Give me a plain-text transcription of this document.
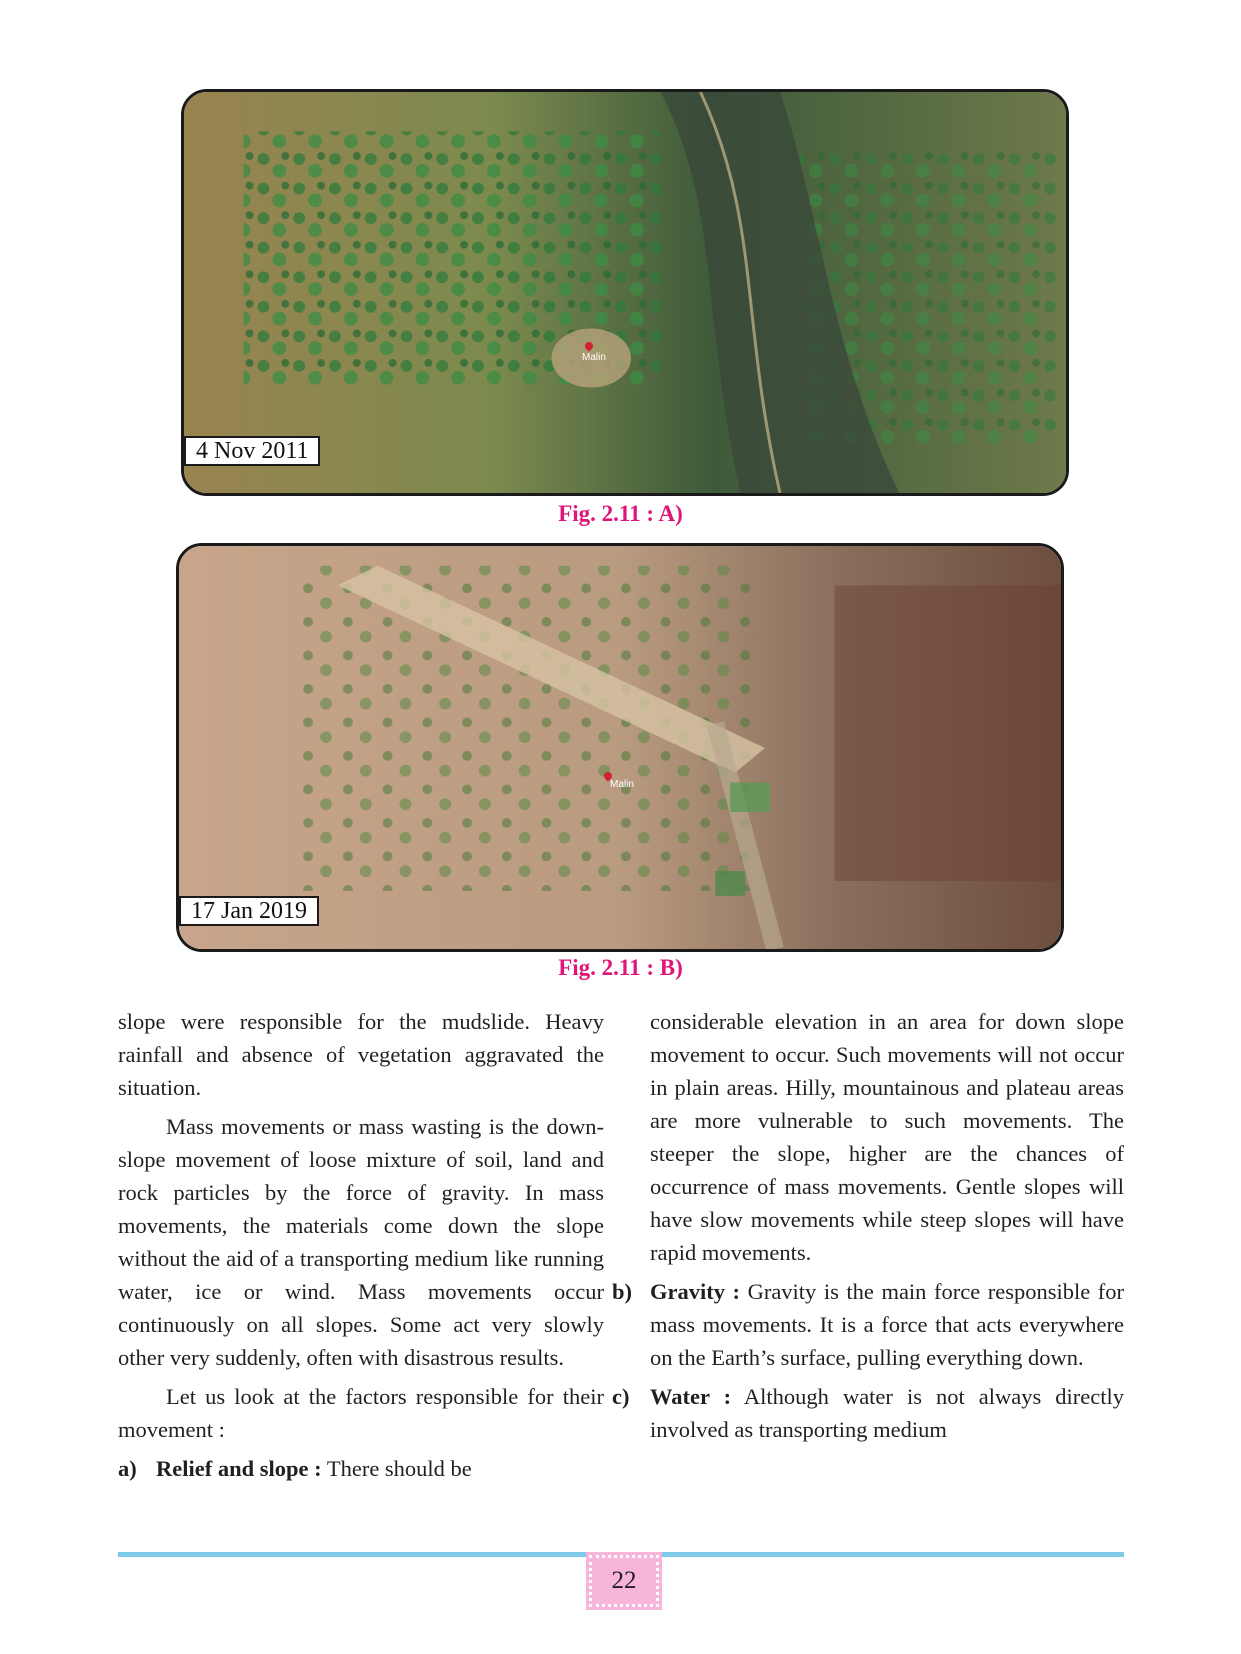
Malin
4 Nov 2011
Fig. 2.11 : A)
Malin
17 Jan 2019
Fig. 2.11 : B)

slope were responsible for the mudslide. Heavy rainfall and absence of vegetation aggravated the situation.

Mass movements or mass wasting is the down-slope movement of loose mixture of soil, land and rock particles by the force of gravity. In mass movements, the materials come down the slope without the aid of a transporting medium like running water, ice or wind. Mass movements occur continuously on all slopes. Some act very slowly other very suddenly, often with disastrous results.

Let us look at the factors responsible for their movement :

a) Relief and slope : There should be

considerable elevation in an area for down slope movement to occur. Such movements will not occur in plain areas. Hilly, mountainous and plateau areas are more vulnerable to such movements. The steeper the slope, higher are the chances of occurrence of mass movements. Gentle slopes will have slow movements while steep slopes will have rapid movements.

b) Gravity : Gravity is the main force responsible for mass movements. It is a force that acts everywhere on the Earth’s surface, pulling everything down.

c) Water : Although water is not always directly involved as transporting medium

22
